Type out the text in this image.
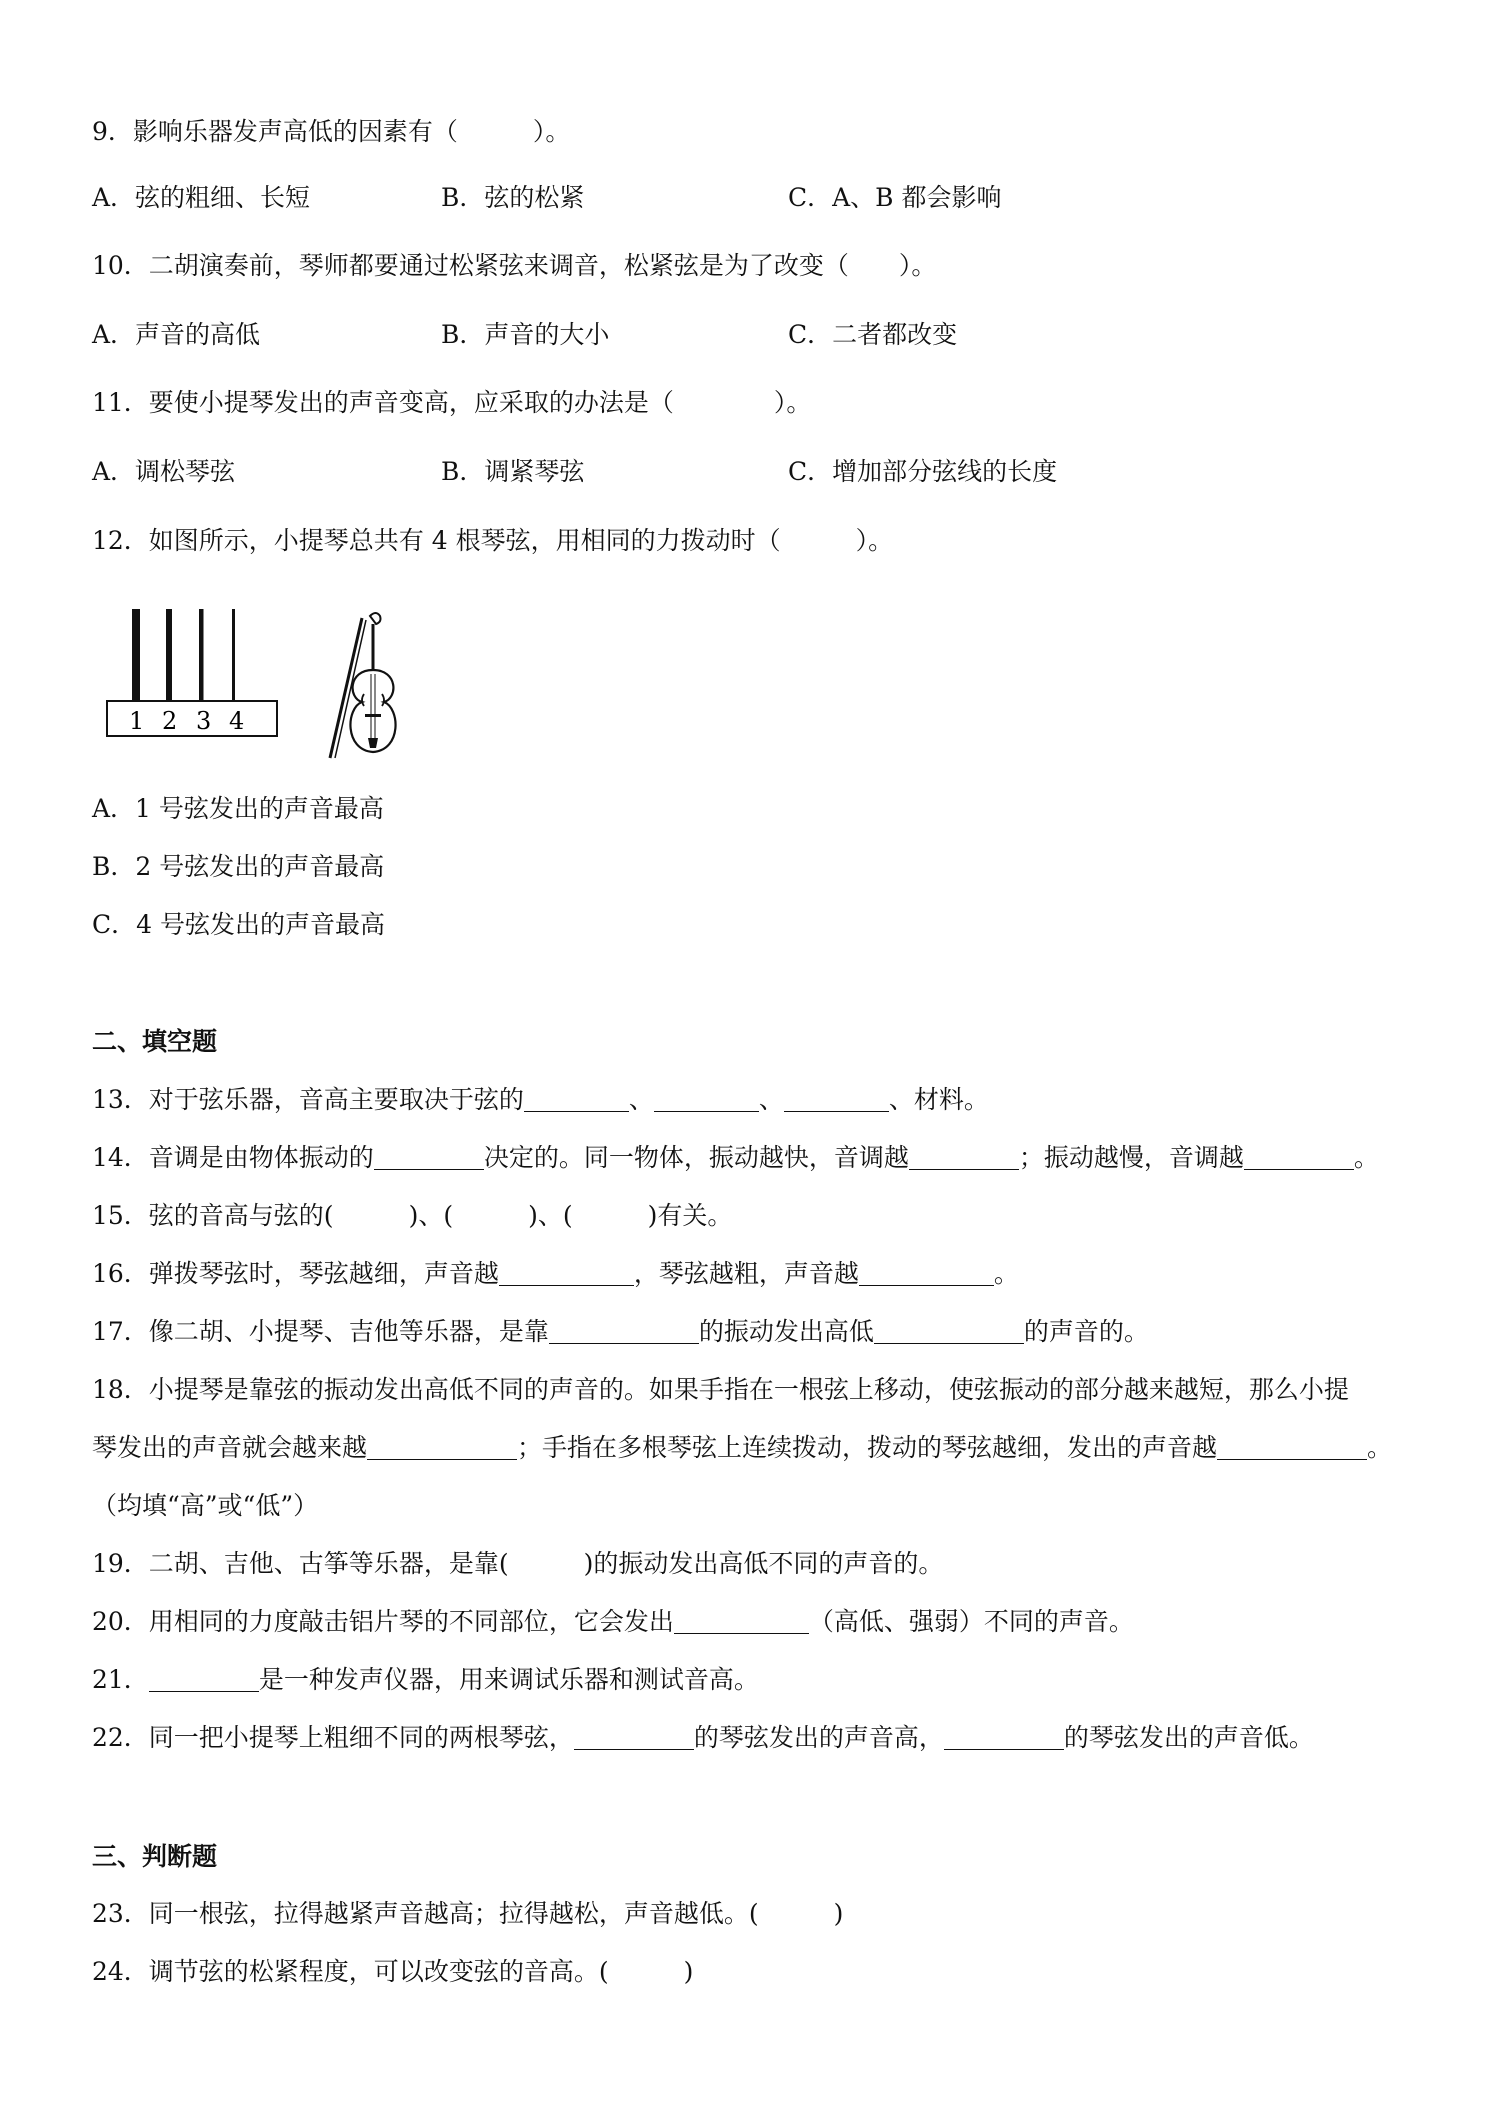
9．影响乐器发声高低的因素有（　　　）。
A．弦的粗细、长短	B．弦的松紧	C．A、B 都会影响
10．二胡演奏前，琴师都要通过松紧弦来调音，松紧弦是为了改变（　　）。
A．声音的高低	B．声音的大小	C．二者都改变
11．要使小提琴发出的声音变高，应采取的办法是（　　　　）。
A．调松琴弦	B．调紧琴弦	C．增加部分弦线的长度
12．如图所示，小提琴总共有 4 根琴弦，用相同的力拨动时（　　　）。
1 2 3 4
A．1 号弦发出的声音最高
B．2 号弦发出的声音最高
C．4 号弦发出的声音最高
二、填空题
13．对于弦乐器，音高主要取决于弦的	、	、	、材料。
14．音调是由物体振动的	决定的。同一物体，振动越快，音调越	；振动越慢，音调越	。
15．弦的音高与弦的(　　　)、(　　　)、(　　　)有关。
16．弹拨琴弦时，琴弦越细，声音越	，琴弦越粗，声音越	。
17．像二胡、小提琴、吉他等乐器，是靠	的振动发出高低	的声音的。
18．小提琴是靠弦的振动发出高低不同的声音的。如果手指在一根弦上移动，使弦振动的部分越来越短，那么小提
琴发出的声音就会越来越	；手指在多根琴弦上连续拨动，拨动的琴弦越细，发出的声音越	。
（均填“高”或“低”）
19．二胡、吉他、古筝等乐器，是靠(　　　)的振动发出高低不同的声音的。
20．用相同的力度敲击铝片琴的不同部位，它会发出	（高低、强弱）不同的声音。
21．	是一种发声仪器，用来调试乐器和测试音高。
22．同一把小提琴上粗细不同的两根琴弦，	的琴弦发出的声音高，	的琴弦发出的声音低。
三、判断题
23．同一根弦，拉得越紧声音越高；拉得越松，声音越低。(　　　)
24．调节弦的松紧程度，可以改变弦的音高。(　　　)
